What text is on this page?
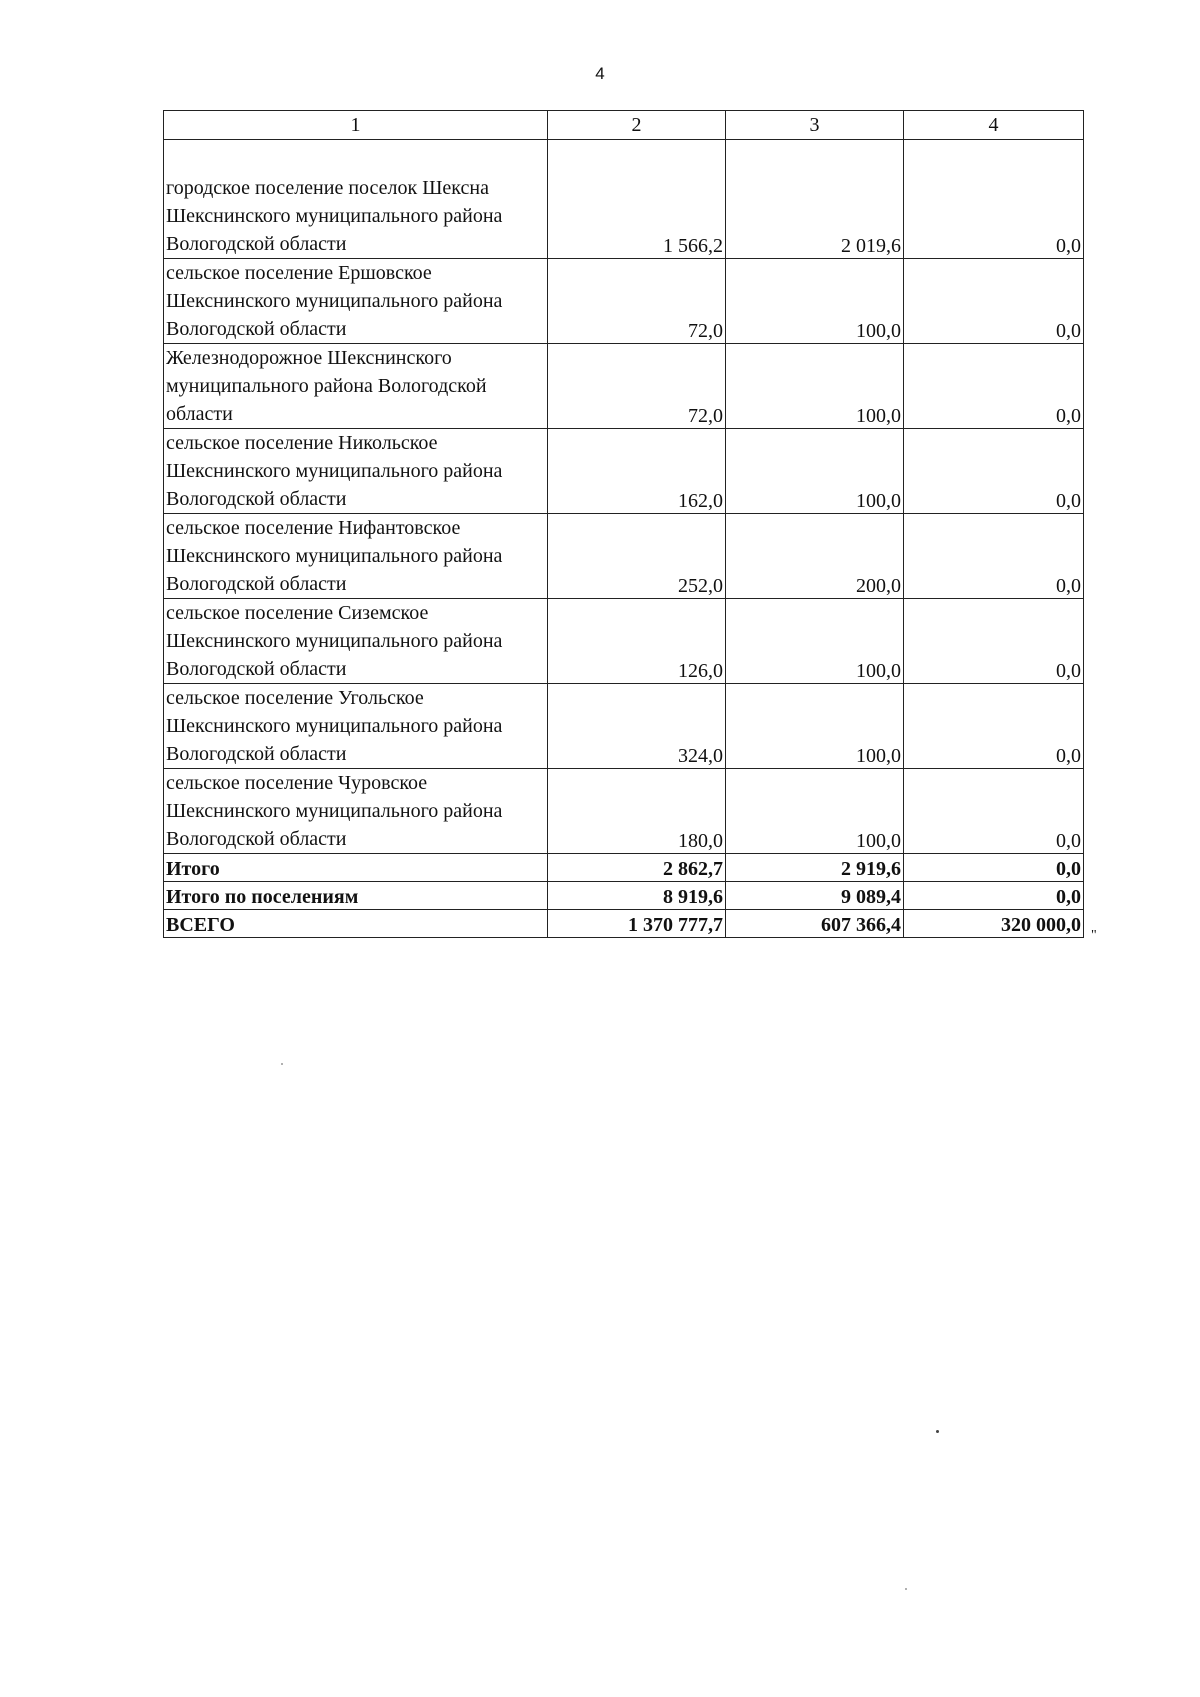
4
1	2	3	4
городское поселение поселок Шексна Шекснинского муниципального района Вологодской области	1 566,2	2 019,6	0,0
сельское поселение Ершовское Шекснинского муниципального района Вологодской области	72,0	100,0	0,0
Железнодорожное Шекснинского муниципального района Вологодской области	72,0	100,0	0,0
сельское поселение Никольское Шекснинского муниципального района Вологодской области	162,0	100,0	0,0
сельское поселение Нифантовское Шекснинского муниципального района Вологодской области	252,0	200,0	0,0
сельское поселение Сиземское Шекснинского муниципального района Вологодской области	126,0	100,0	0,0
сельское поселение Угольское Шекснинского муниципального района Вологодской области	324,0	100,0	0,0
сельское поселение Чуровское Шекснинского муниципального района Вологодской области	180,0	100,0	0,0
Итого	2 862,7	2 919,6	0,0
Итого по поселениям	8 919,6	9 089,4	0,0
ВСЕГО	1 370 777,7	607 366,4	320 000,0 "
